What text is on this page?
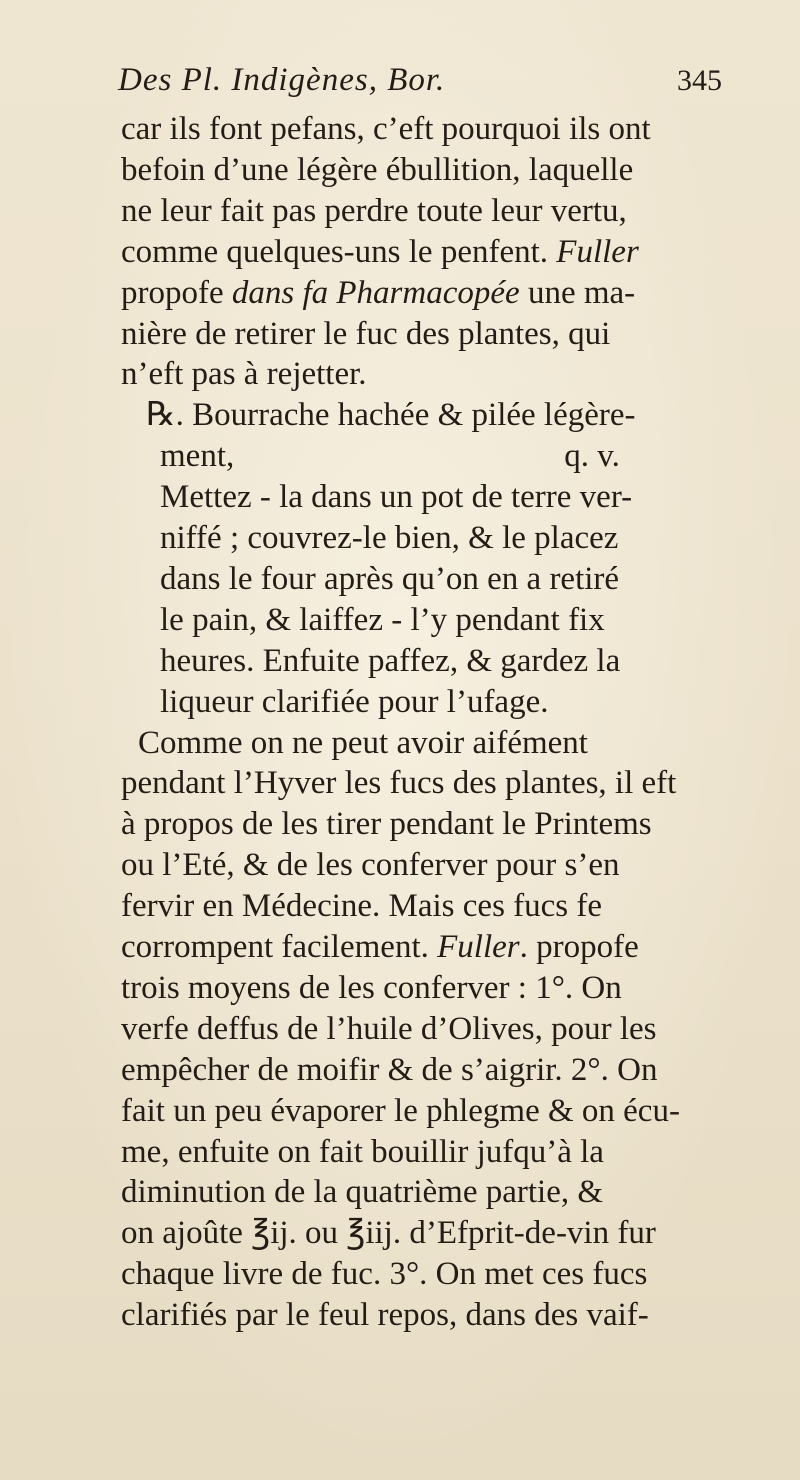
Des Pl. Indigènes, Bor.	345
car ils font pefans, c’eft pourquoi ils ont
befoin d’une légère ébullition, laquelle
ne leur fait pas perdre toute leur vertu,
comme quelques-uns le penfent. Fuller
propofe dans fa Pharmacopée une ma-
nière de retirer le fuc des plantes, qui
n’eft pas à rejetter.
℞. Bourrache hachée & pilée légère-
ment,	q. v.
Mettez - la dans un pot de terre ver-
niffé ; couvrez-le bien, & le placez
dans le four après qu’on en a retiré
le pain, & laiffez - l’y pendant fix
heures. Enfuite paffez, & gardez la
liqueur clarifiée pour l’ufage.
Comme on ne peut avoir aifément
pendant l’Hyver les fucs des plantes, il eft
à propos de les tirer pendant le Printems
ou l’Eté, & de les conferver pour s’en
fervir en Médecine. Mais ces fucs fe
corrompent facilement. Fuller. propofe
trois moyens de les conferver : 1°. On
verfe deffus de l’huile d’Olives, pour les
empêcher de moifir & de s’aigrir. 2°. On
fait un peu évaporer le phlegme & on écu-
me, enfuite on fait bouillir jufqu’à la
diminution de la quatrième partie, &
on ajoûte ℥ij. ou ℥iij. d’Efprit-de-vin fur
chaque livre de fuc. 3°. On met ces fucs
clarifiés par le feul repos, dans des vaif-
